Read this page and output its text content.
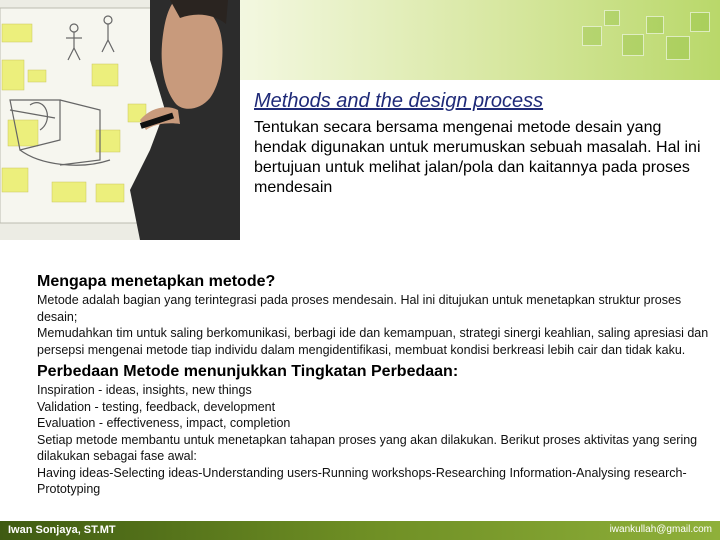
Methods and the design process

Tentukan secara bersama mengenai metode desain yang hendak digunakan untuk merumuskan sebuah masalah. Hal ini bertujuan untuk melihat jalan/pola dan kaitannya pada proses mendesain

Mengapa menetapkan metode?

Metode adalah bagian yang terintegrasi pada proses mendesain. Hal ini ditujukan untuk menetapkan struktur proses desain;

Memudahkan tim untuk saling berkomunikasi, berbagi ide dan kemampuan, strategi sinergi keahlian, saling apresiasi dan persepsi mengenai metode tiap individu dalam mengidentifikasi, membuat kondisi berkreasi lebih cair dan tidak kaku.

Perbedaan Metode menunjukkan Tingkatan Perbedaan:

Inspiration - ideas, insights, new things

Validation - testing, feedback, development

Evaluation - effectiveness, impact, completion

Setiap metode membantu untuk menetapkan tahapan proses yang akan dilakukan. Berikut proses aktivitas yang sering dilakukan sebagai fase awal:

Having ideas-Selecting ideas-Understanding users-Running workshops-Researching Information-Analysing research-Prototyping

Iwan Sonjaya, ST.MT	iwankullah@gmail.com
